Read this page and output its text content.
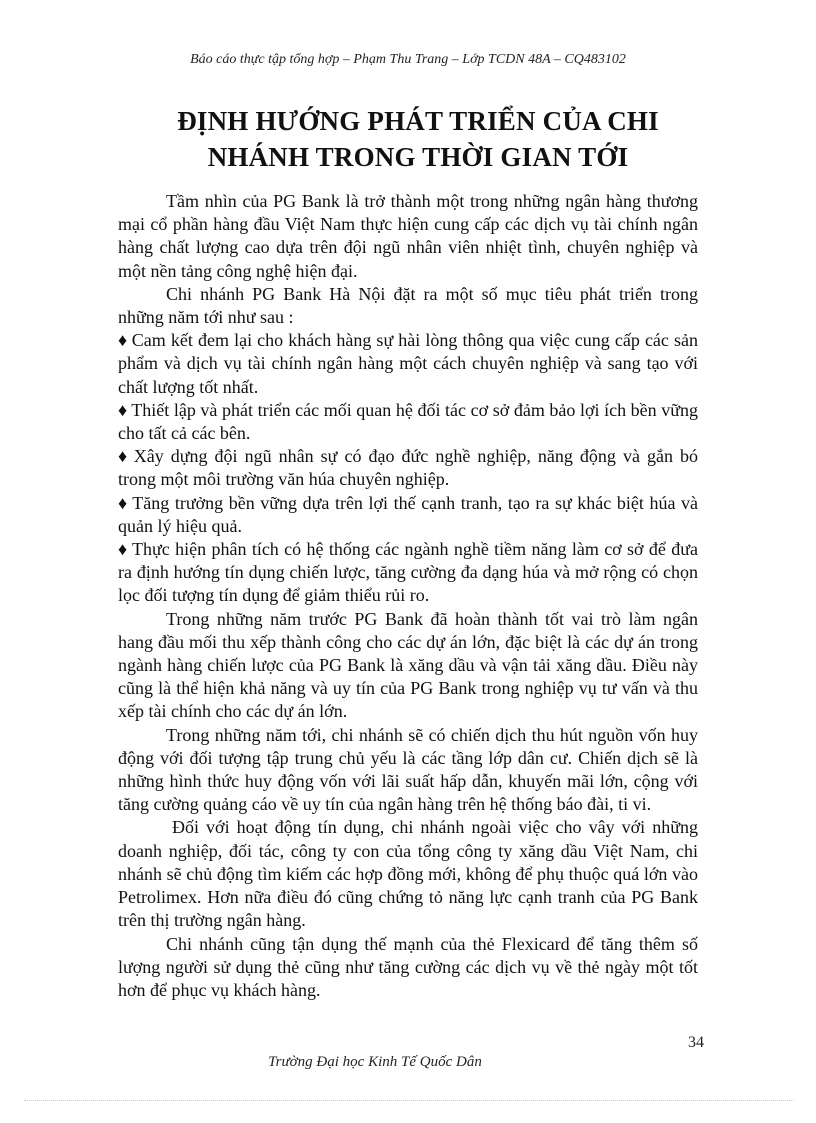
Báo cáo thực tập tổng hợp – Phạm Thu Trang – Lớp TCDN 48A – CQ483102
ĐỊNH HƯỚNG PHÁT TRIỂN CỦA CHI
NHÁNH TRONG THỜI GIAN TỚI

Tầm nhìn của PG Bank là trở thành một trong những ngân hàng thương mại cổ phần hàng đầu Việt Nam thực hiện cung cấp các dịch vụ tài chính ngân hàng chất lượng cao dựa trên đội ngũ nhân viên nhiệt tình, chuyên nghiệp và một nền tảng công nghệ hiện đại.

Chi nhánh PG Bank Hà Nội đặt ra một số mục tiêu phát triển trong những năm tới như sau :

♦ Cam kết đem lại cho khách hàng sự hài lòng thông qua việc cung cấp các sản phẩm và dịch vụ tài chính ngân hàng một cách chuyên nghiệp và sang tạo với chất lượng tốt nhất.

♦ Thiết lập và phát triển các mối quan hệ đối tác cơ sở đảm bảo lợi ích bền vững cho tất cả các bên.

♦ Xây dựng đội ngũ nhân sự có đạo đức nghề nghiệp, năng động và gắn bó trong một môi trường văn húa chuyên nghiệp.

♦ Tăng trưởng bền vững dựa trên lợi thế cạnh tranh, tạo ra sự khác biệt húa và quản lý hiệu quả.

♦ Thực hiện phân tích có hệ thống các ngành nghề tiềm năng làm cơ sở để đưa ra định hướng tín dụng chiến lược, tăng cường đa dạng húa và mở rộng có chọn lọc đối tượng tín dụng để giảm thiểu rủi ro.

Trong những năm trước PG Bank đã hoàn thành tốt vai trò làm ngân hang đầu mối thu xếp thành công cho các dự án lớn, đặc biệt là các dự án trong ngành hàng chiến lược của PG Bank là xăng dầu và vận tải xăng dầu. Điều này cũng là thể hiện khả năng và uy tín của PG Bank trong nghiệp vụ tư vấn và thu xếp tài chính cho các dự án lớn.

Trong những năm tới, chi nhánh sẽ có chiến dịch thu hút nguồn vốn huy động với đối tượng tập trung chủ yếu là các tầng lớp dân cư. Chiến dịch sẽ là những hình thức huy động vốn với lãi suất hấp dẫn, khuyến mãi lớn, cộng với tăng cường quảng cáo về uy tín của ngân hàng trên hệ thống báo đài, ti vi.

Đối với hoạt động tín dụng, chi nhánh ngoài việc cho vây với những doanh nghiệp, đối tác, công ty con của tổng công ty xăng dầu Việt Nam, chi nhánh sẽ chủ động tìm kiếm các hợp đồng mới, không để phụ thuộc quá lớn vào Petrolimex. Hơn nữa điều đó cũng chứng tỏ năng lực cạnh tranh của PG Bank trên thị trường ngân hàng.

Chi nhánh cũng tận dụng thế mạnh của thẻ Flexicard để tăng thêm số lượng người sử dụng thẻ cũng như tăng cường các dịch vụ về thẻ ngày một tốt hơn để phục vụ khách hàng.

34
Trường Đại học Kinh Tế Quốc Dân
